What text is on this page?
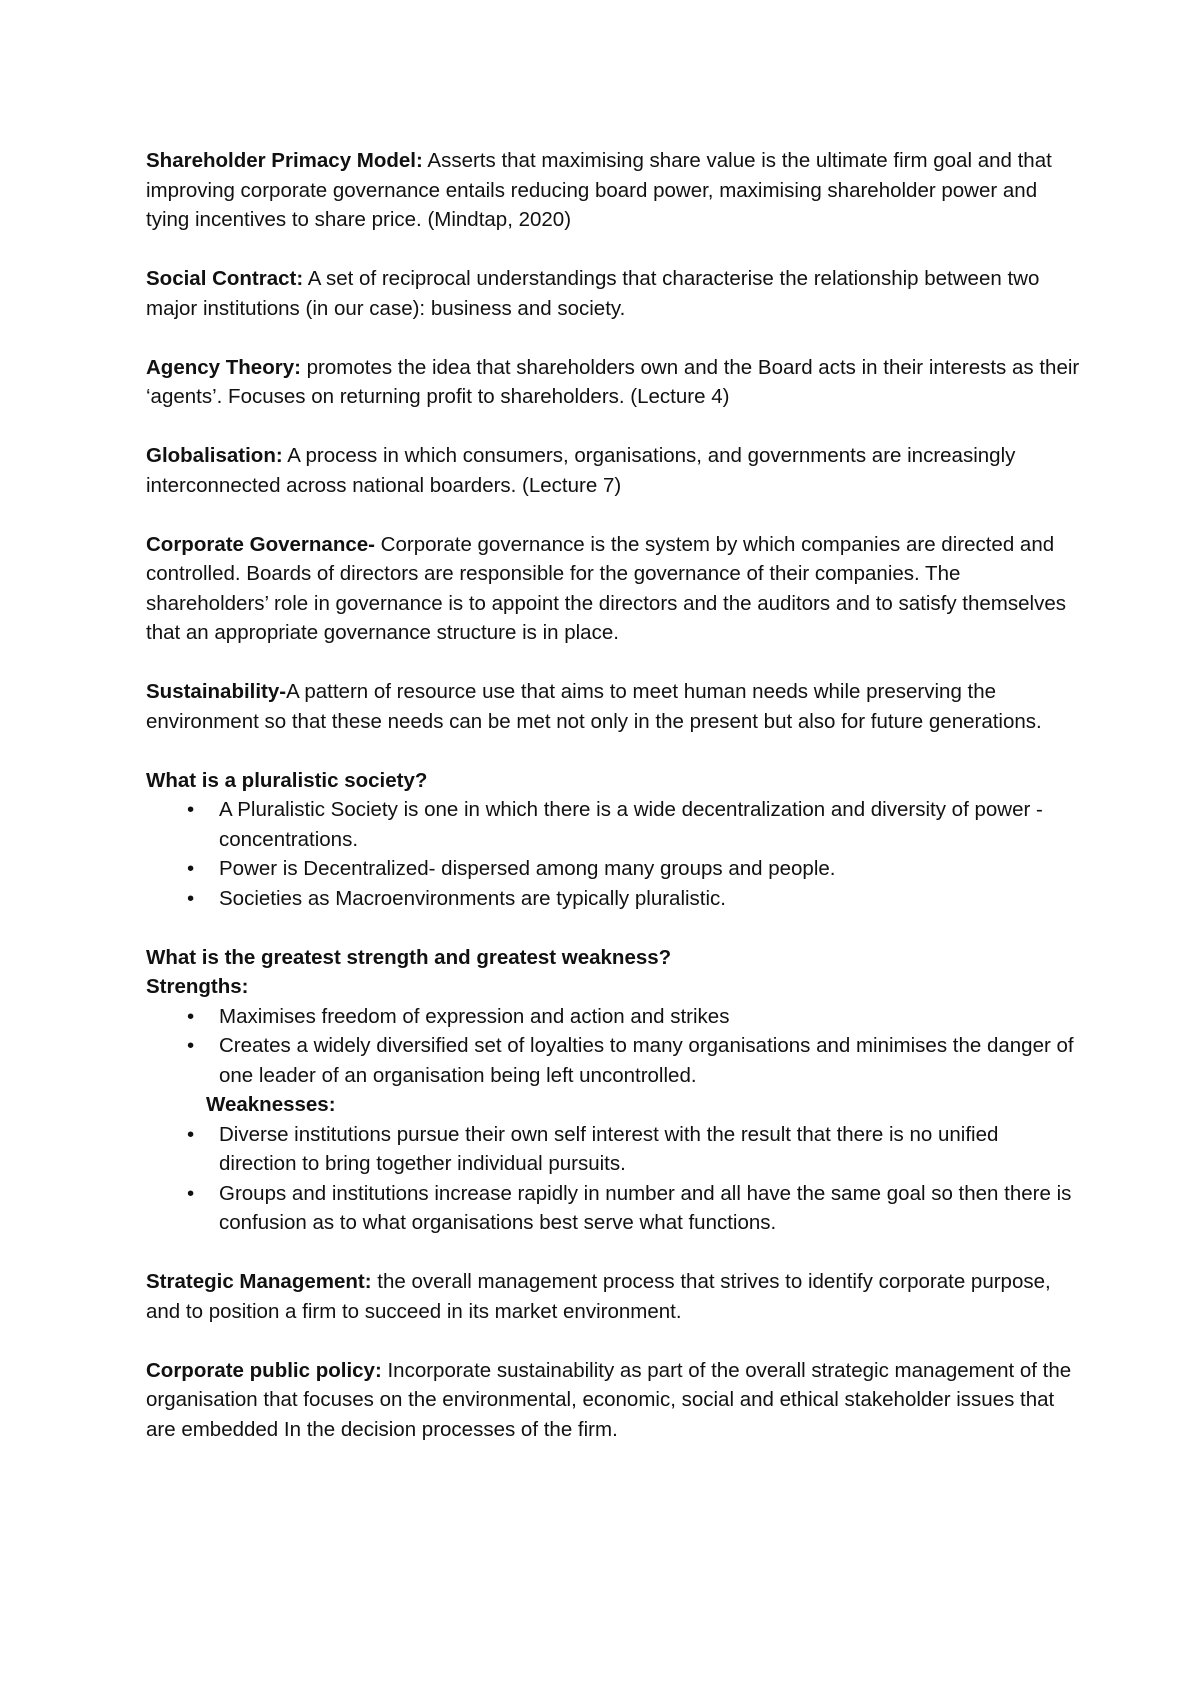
Shareholder Primacy Model: Asserts that maximising share value is the ultimate firm goal and that improving corporate governance entails reducing board power, maximising shareholder power and tying incentives to share price. (Mindtap, 2020)

Social Contract: A set of reciprocal understandings that characterise the relationship between two major institutions (in our case): business and society.

Agency Theory: promotes the idea that shareholders own and the Board acts in their interests as their ‘agents’. Focuses on returning profit to shareholders. (Lecture 4)

Globalisation: A process in which consumers, organisations, and governments are increasingly interconnected across national boarders. (Lecture 7)

Corporate Governance- Corporate governance is the system by which companies are directed and controlled. Boards of directors are responsible for the governance of their companies. The shareholders’ role in governance is to appoint the directors and the auditors and to satisfy themselves that an appropriate governance structure is in place.

Sustainability-A pattern of resource use that aims to meet human needs while preserving the environment so that these needs can be met not only in the present but also for future generations.

What is a pluralistic society?

• A Pluralistic Society is one in which there is a wide decentralization and diversity of power - concentrations.
• Power is Decentralized- dispersed among many groups and people.
• Societies as Macroenvironments are typically pluralistic.

What is the greatest strength and greatest weakness?

Strengths:

• Maximises freedom of expression and action and strikes
• Creates a widely diversified set of loyalties to many organisations and minimises the danger of one leader of an organisation being left uncontrolled.

Weaknesses:

• Diverse institutions pursue their own self interest with the result that there is no unified direction to bring together individual pursuits.
• Groups and institutions increase rapidly in number and all have the same goal so then there is confusion as to what organisations best serve what functions.

Strategic Management: the overall management process that strives to identify corporate purpose, and to position a firm to succeed in its market environment.

Corporate public policy: Incorporate sustainability as part of the overall strategic management of the organisation that focuses on the environmental, economic, social and ethical stakeholder issues that are embedded In the decision processes of the firm.
